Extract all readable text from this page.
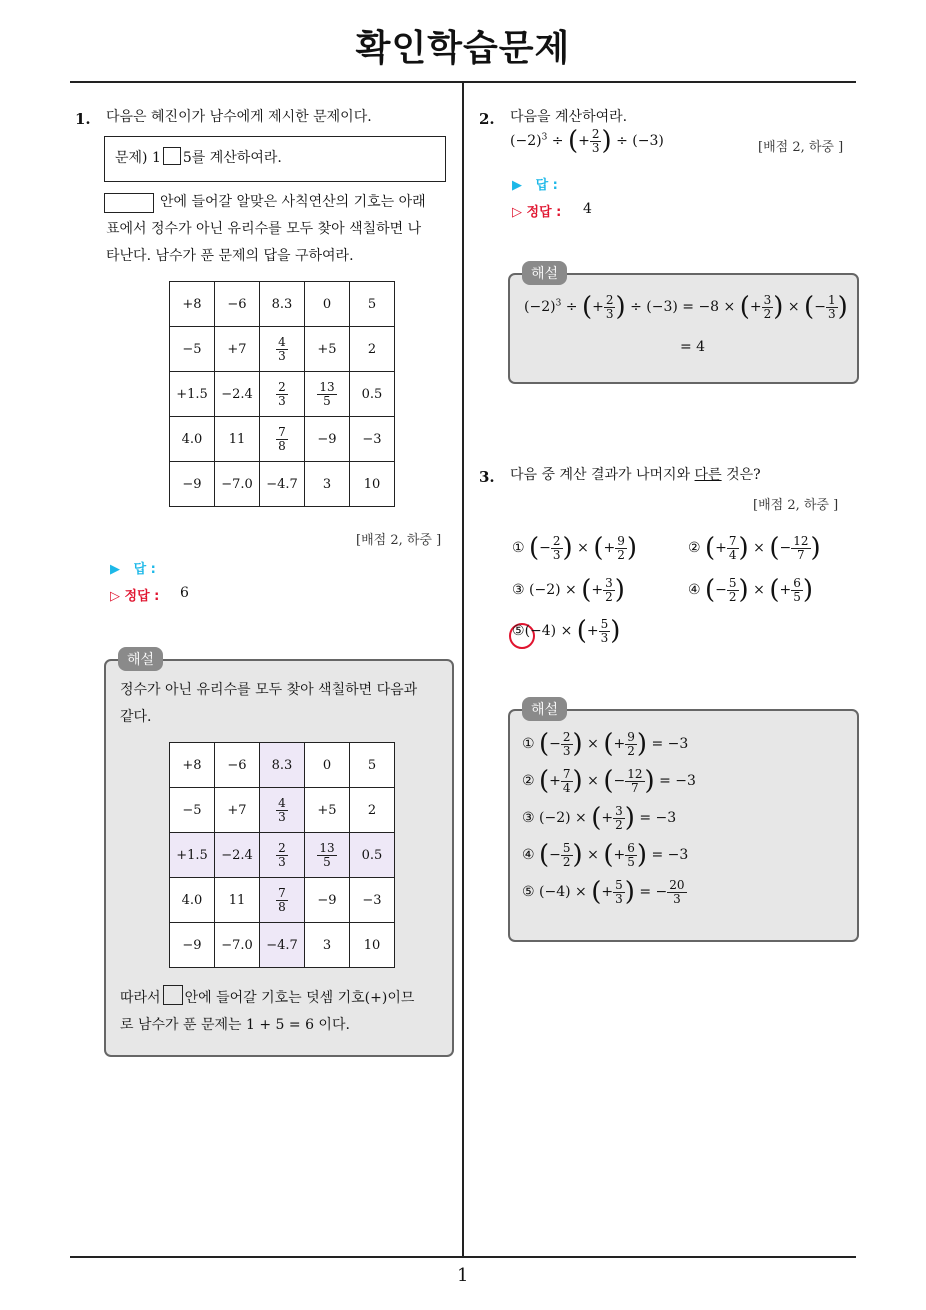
확인학습문제
1
1. 다음은 혜진이가 남수에게 제시한 문제이다.
문제) 1 5를 계산하여라.
안에 들어갈 알맞은 사칙연산의 기호는 아래
표에서 정수가 아닌 유리수를 모두 찾아 색칠하면 나
타난다. 남수가 푼 문제의 답을 구하여라.
+8	−6	8.3	0	5
−5	+7	$\frac{4}{3}$	+5	2
+1.5	−2.4	$\frac{2}{3}$	$\frac{13}{5}$	0.5
4.0	11	$\frac{7}{8}$	−9	−3
−9	−7.0	−4.7	3	10
[배점 2, 하중 ]
▶ 답 :
▷ 정답 : 6
해설
정수가 아닌 유리수를 모두 찾아 색칠하면 다음과
같다.
+8	−6	8.3	0	5
−5	+7	$\frac{4}{3}$	+5	2
+1.5	−2.4	$\frac{2}{3}$	$\frac{13}{5}$	0.5
4.0	11	$\frac{7}{8}$	−9	−3
−9	−7.0	−4.7	3	10
따라서 안에 들어갈 기호는 덧셈 기호(+)이므
로 남수가 푼 문제는 1 + 5 = 6 이다.
2. 다음을 계산하여라.
$(-2)^3$ ÷ (+ $\frac{2}{3}$ ) ÷ (−3)	[배점 2, 하중 ]
▶ 답 :
▷ 정답 : 4
해설
$(-2)^3$ ÷ (+ $\frac{2}{3}$ ) ÷ (−3) = −8 × (+ $\frac{3}{2}$ ) × (− $\frac{1}{3}$ )
= 4
3. 다음 중 계산 결과가 나머지와 다른 것은?
[배점 2, 하중 ]
① (− $\frac{2}{3}$ ) × (+ $\frac{9}{2}$ )	② (+ $\frac{7}{4}$ ) × (− $\frac{12}{7}$ )
③ (−2) × (+ $\frac{3}{2}$ )	④ (− $\frac{5}{2}$ ) × (+ $\frac{6}{5}$ )
⑤(−4) × (+ $\frac{5}{3}$ )
해설
① (− $\frac{2}{3}$ ) × (+ $\frac{9}{2}$ ) = −3
② (+ $\frac{7}{4}$ ) × (− $\frac{12}{7}$ ) = −3
③ (−2) × (+ $\frac{3}{2}$ ) = −3
④ (− $\frac{5}{2}$ ) × (+ $\frac{6}{5}$ ) = −3
⑤ (−4) × (+ $\frac{5}{3}$ ) = − $\frac{20}{3}$
